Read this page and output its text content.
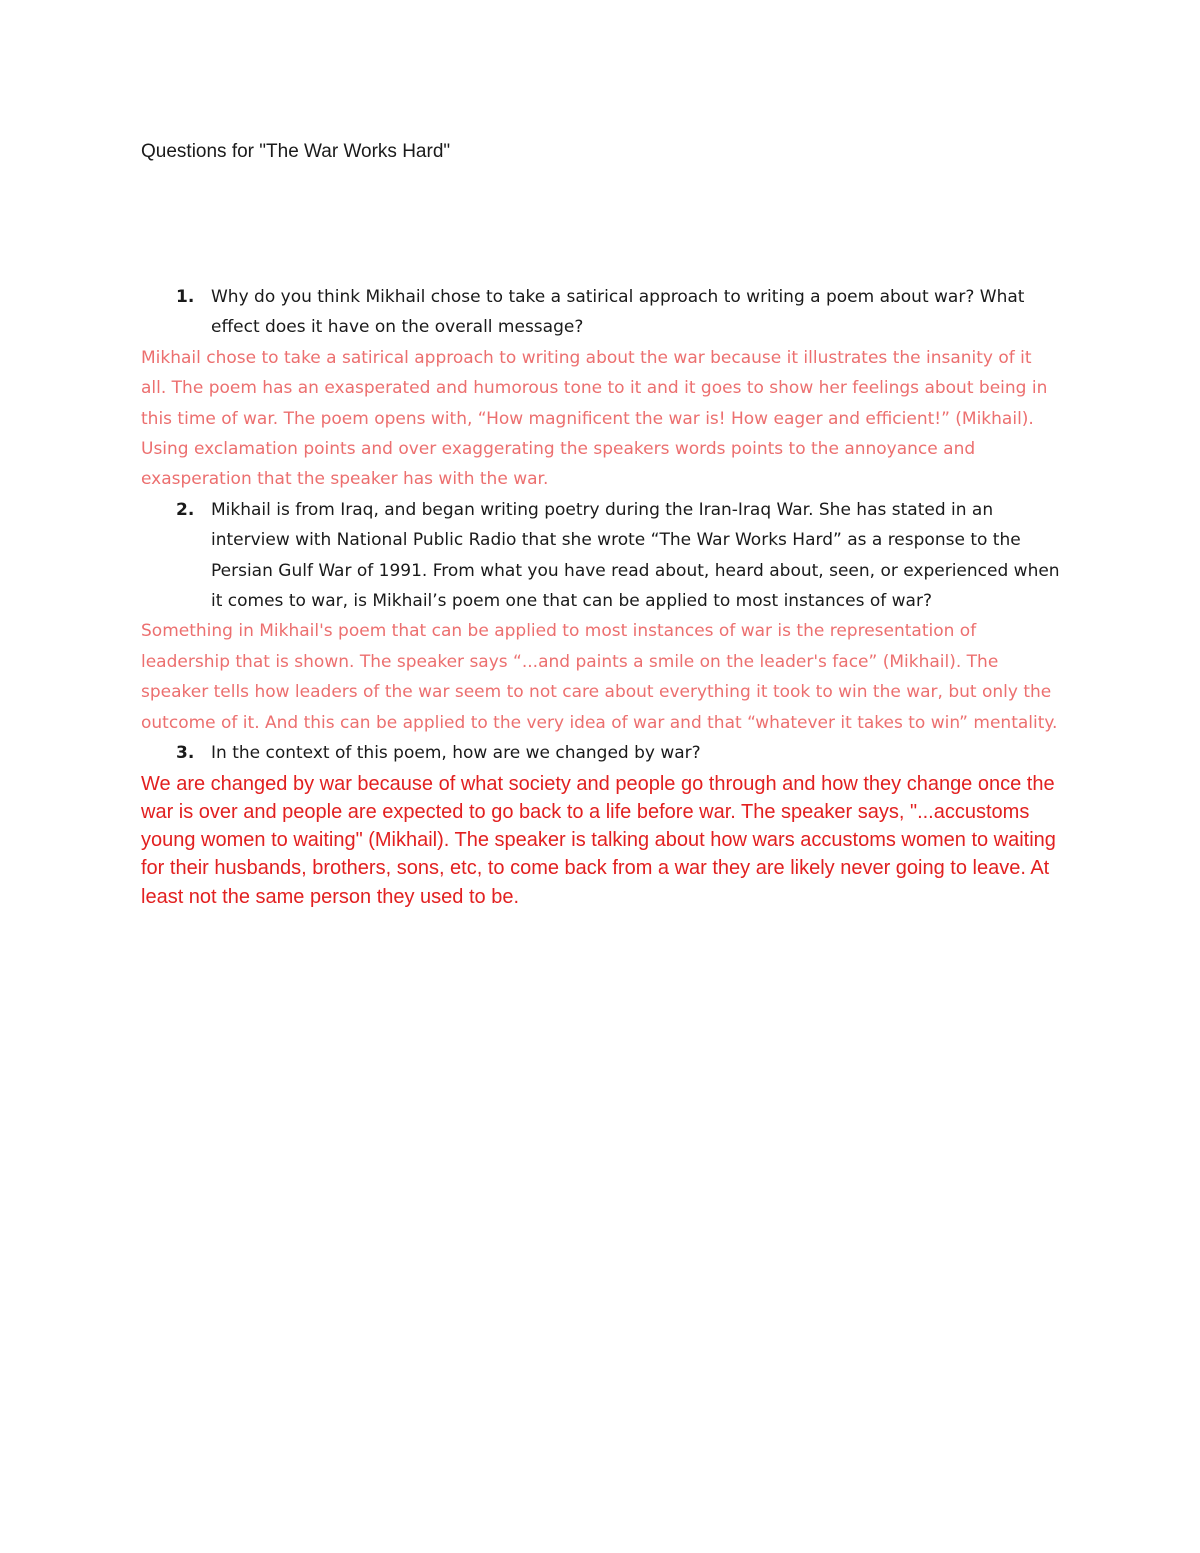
Questions for "The War Works Hard"
1. Why do you think Mikhail chose to take a satirical approach to writing a poem about war? What effect does it have on the overall message?
Mikhail chose to take a satirical approach to writing about the war because it illustrates the insanity of it all. The poem has an exasperated and humorous tone to it and it goes to show her feelings about being in this time of war. The poem opens with, “How magnificent the war is! How eager and efficient!” (Mikhail). Using exclamation points and over exaggerating the speakers words points to the annoyance and exasperation that the speaker has with the war.
2. Mikhail is from Iraq, and began writing poetry during the Iran-Iraq War. She has stated in an interview with National Public Radio that she wrote “The War Works Hard” as a response to the Persian Gulf War of 1991. From what you have read about, heard about, seen, or experienced when it comes to war, is Mikhail’s poem one that can be applied to most instances of war?
Something in Mikhail's poem that can be applied to most instances of war is the representation of leadership that is shown. The speaker says “...and paints a smile on the leader's face” (Mikhail). The speaker tells how leaders of the war seem to not care about everything it took to win the war, but only the outcome of it. And this can be applied to the very idea of war and that “whatever it takes to win” mentality.
3. In the context of this poem, how are we changed by war?
We are changed by war because of what society and people go through and how they change once the war is over and people are expected to go back to a life before war. The speaker says, "...accustoms young women to waiting" (Mikhail). The speaker is talking about how wars accustoms women to waiting for their husbands, brothers, sons, etc, to come back from a war they are likely never going to leave. At least not the same person they used to be.
